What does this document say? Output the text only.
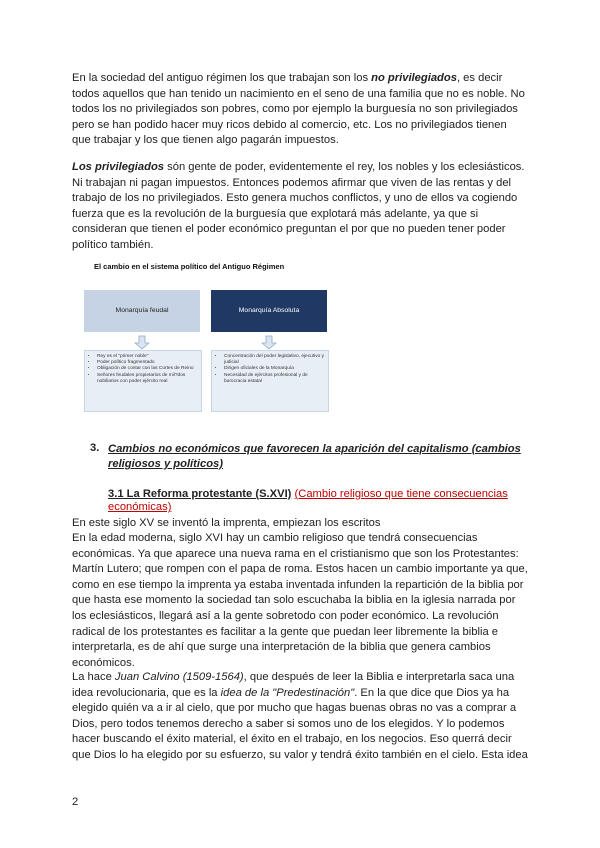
En la sociedad del antiguo régimen los que trabajan son los no privilegiados, es decir todos aquellos que han tenido un nacimiento en el seno de una familia que no es noble. No todos los no privilegiados son pobres, como por ejemplo la burguesía no son privilegiados pero se han podido hacer muy ricos debido al comercio, etc. Los no privilegiados tienen que trabajar y los que tienen algo pagarán impuestos.

Los privilegiados són gente de poder, evidentemente el rey, los nobles y los eclesiásticos. Ni trabajan ni pagan impuestos. Entonces podemos afirmar que viven de las rentas y del trabajo de los no privilegiados. Esto genera muchos conflictos, y uno de ellos va cogiendo fuerza que es la revolución de la burguesía que explotará más adelante, ya que si consideran que tienen el poder económico preguntan el por que no pueden tener poder político también.

El cambio en el sistema político del Antiguo Régimen

Monarquía feudal	Monarquía Absoluta
• Rey es el "primer noble"
• Poder político fragmentado
• Obligación de contar con las Cortes de Reino
• Señores feudales propietarios de mil?dos nobiliarios con poder ejército real
• Concentración del poder legislativo, ejecutivo y judicial
• Dirigen oficiales de la Monarquía
• Necesidad de ejércitos profesional y de burocracia estatal

3. Cambios no económicos que favorecen la aparición del capitalismo (cambios religiosos y políticos)

3.1 La Reforma protestante (S.XVI) (Cambio religioso que tiene consecuencias económicas)

En este siglo XV se inventó la imprenta, empiezan los escritos

En la edad moderna, siglo XVI hay un cambio religioso que tendrá consecuencias económicas. Ya que aparece una nueva rama en el cristianismo que son los Protestantes: Martín Lutero; que rompen con el papa de roma. Estos hacen un cambio importante ya que, como en ese tiempo la imprenta ya estaba inventada infunden la repartición de la biblia por que hasta ese momento la sociedad tan solo escuchaba la biblia en la iglesia narrada por los eclesiásticos, llegará así a la gente sobretodo con poder económico. La revolución radical de los protestantes es facilitar a la gente que puedan leer libremente la biblia e interpretarla, es de ahí que surge una interpretación de la biblia que genera cambios económicos.

La hace Juan Calvino (1509-1564), que después de leer la Biblia e interpretarla saca una idea revolucionaria, que es la idea de la "Predestinación". En la que dice que Dios ya ha elegido quién va a ir al cielo, que por mucho que hagas buenas obras no vas a comprar a Dios, pero todos tenemos derecho a saber si somos uno de los elegidos. Y lo podemos hacer buscando el éxito material, el éxito en el trabajo, en los negocios. Eso querrá decir que Dios lo ha elegido por su esfuerzo, su valor y tendrá éxito también en el cielo. Esta idea

2
